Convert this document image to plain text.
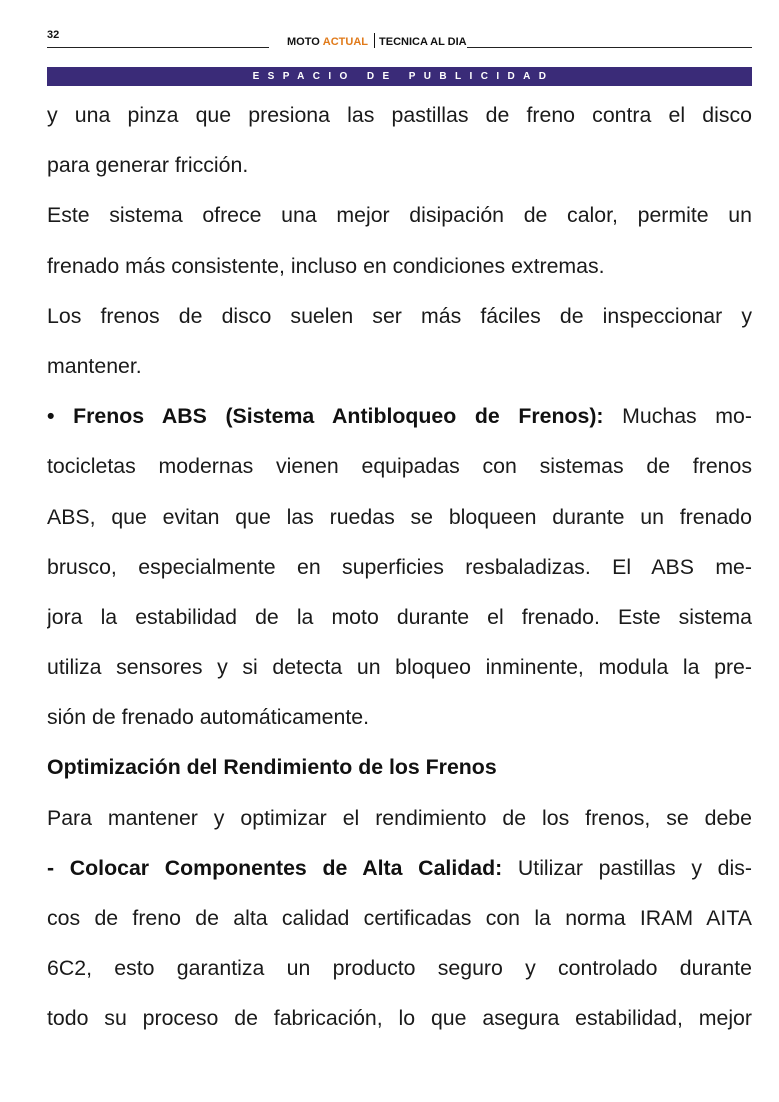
32
MOTO ACTUAL TECNICA AL DIA
ESPACIO DE PUBLICIDAD
y una pinza que presiona las pastillas de freno contra el disco
para generar fricción.
Este sistema ofrece una mejor disipación de calor, permite un
frenado más consistente, incluso en condiciones extremas.
Los frenos de disco suelen ser más fáciles de inspeccionar y
mantener.
• Frenos ABS (Sistema Antibloqueo de Frenos): Muchas mo-
tocicletas modernas vienen equipadas con sistemas de frenos
ABS, que evitan que las ruedas se bloqueen durante un frenado
brusco, especialmente en superficies resbaladizas. El ABS me-
jora la estabilidad de la moto durante el frenado. Este sistema
utiliza sensores y si detecta un bloqueo inminente, modula la pre-
sión de frenado automáticamente.
Optimización del Rendimiento de los Frenos
Para mantener y optimizar el rendimiento de los frenos, se debe
- Colocar Componentes de Alta Calidad: Utilizar pastillas y dis-
cos de freno de alta calidad certificadas con la norma IRAM AITA
6C2, esto garantiza un producto seguro y controlado durante
todo su proceso de fabricación, lo que asegura estabilidad, mejor
